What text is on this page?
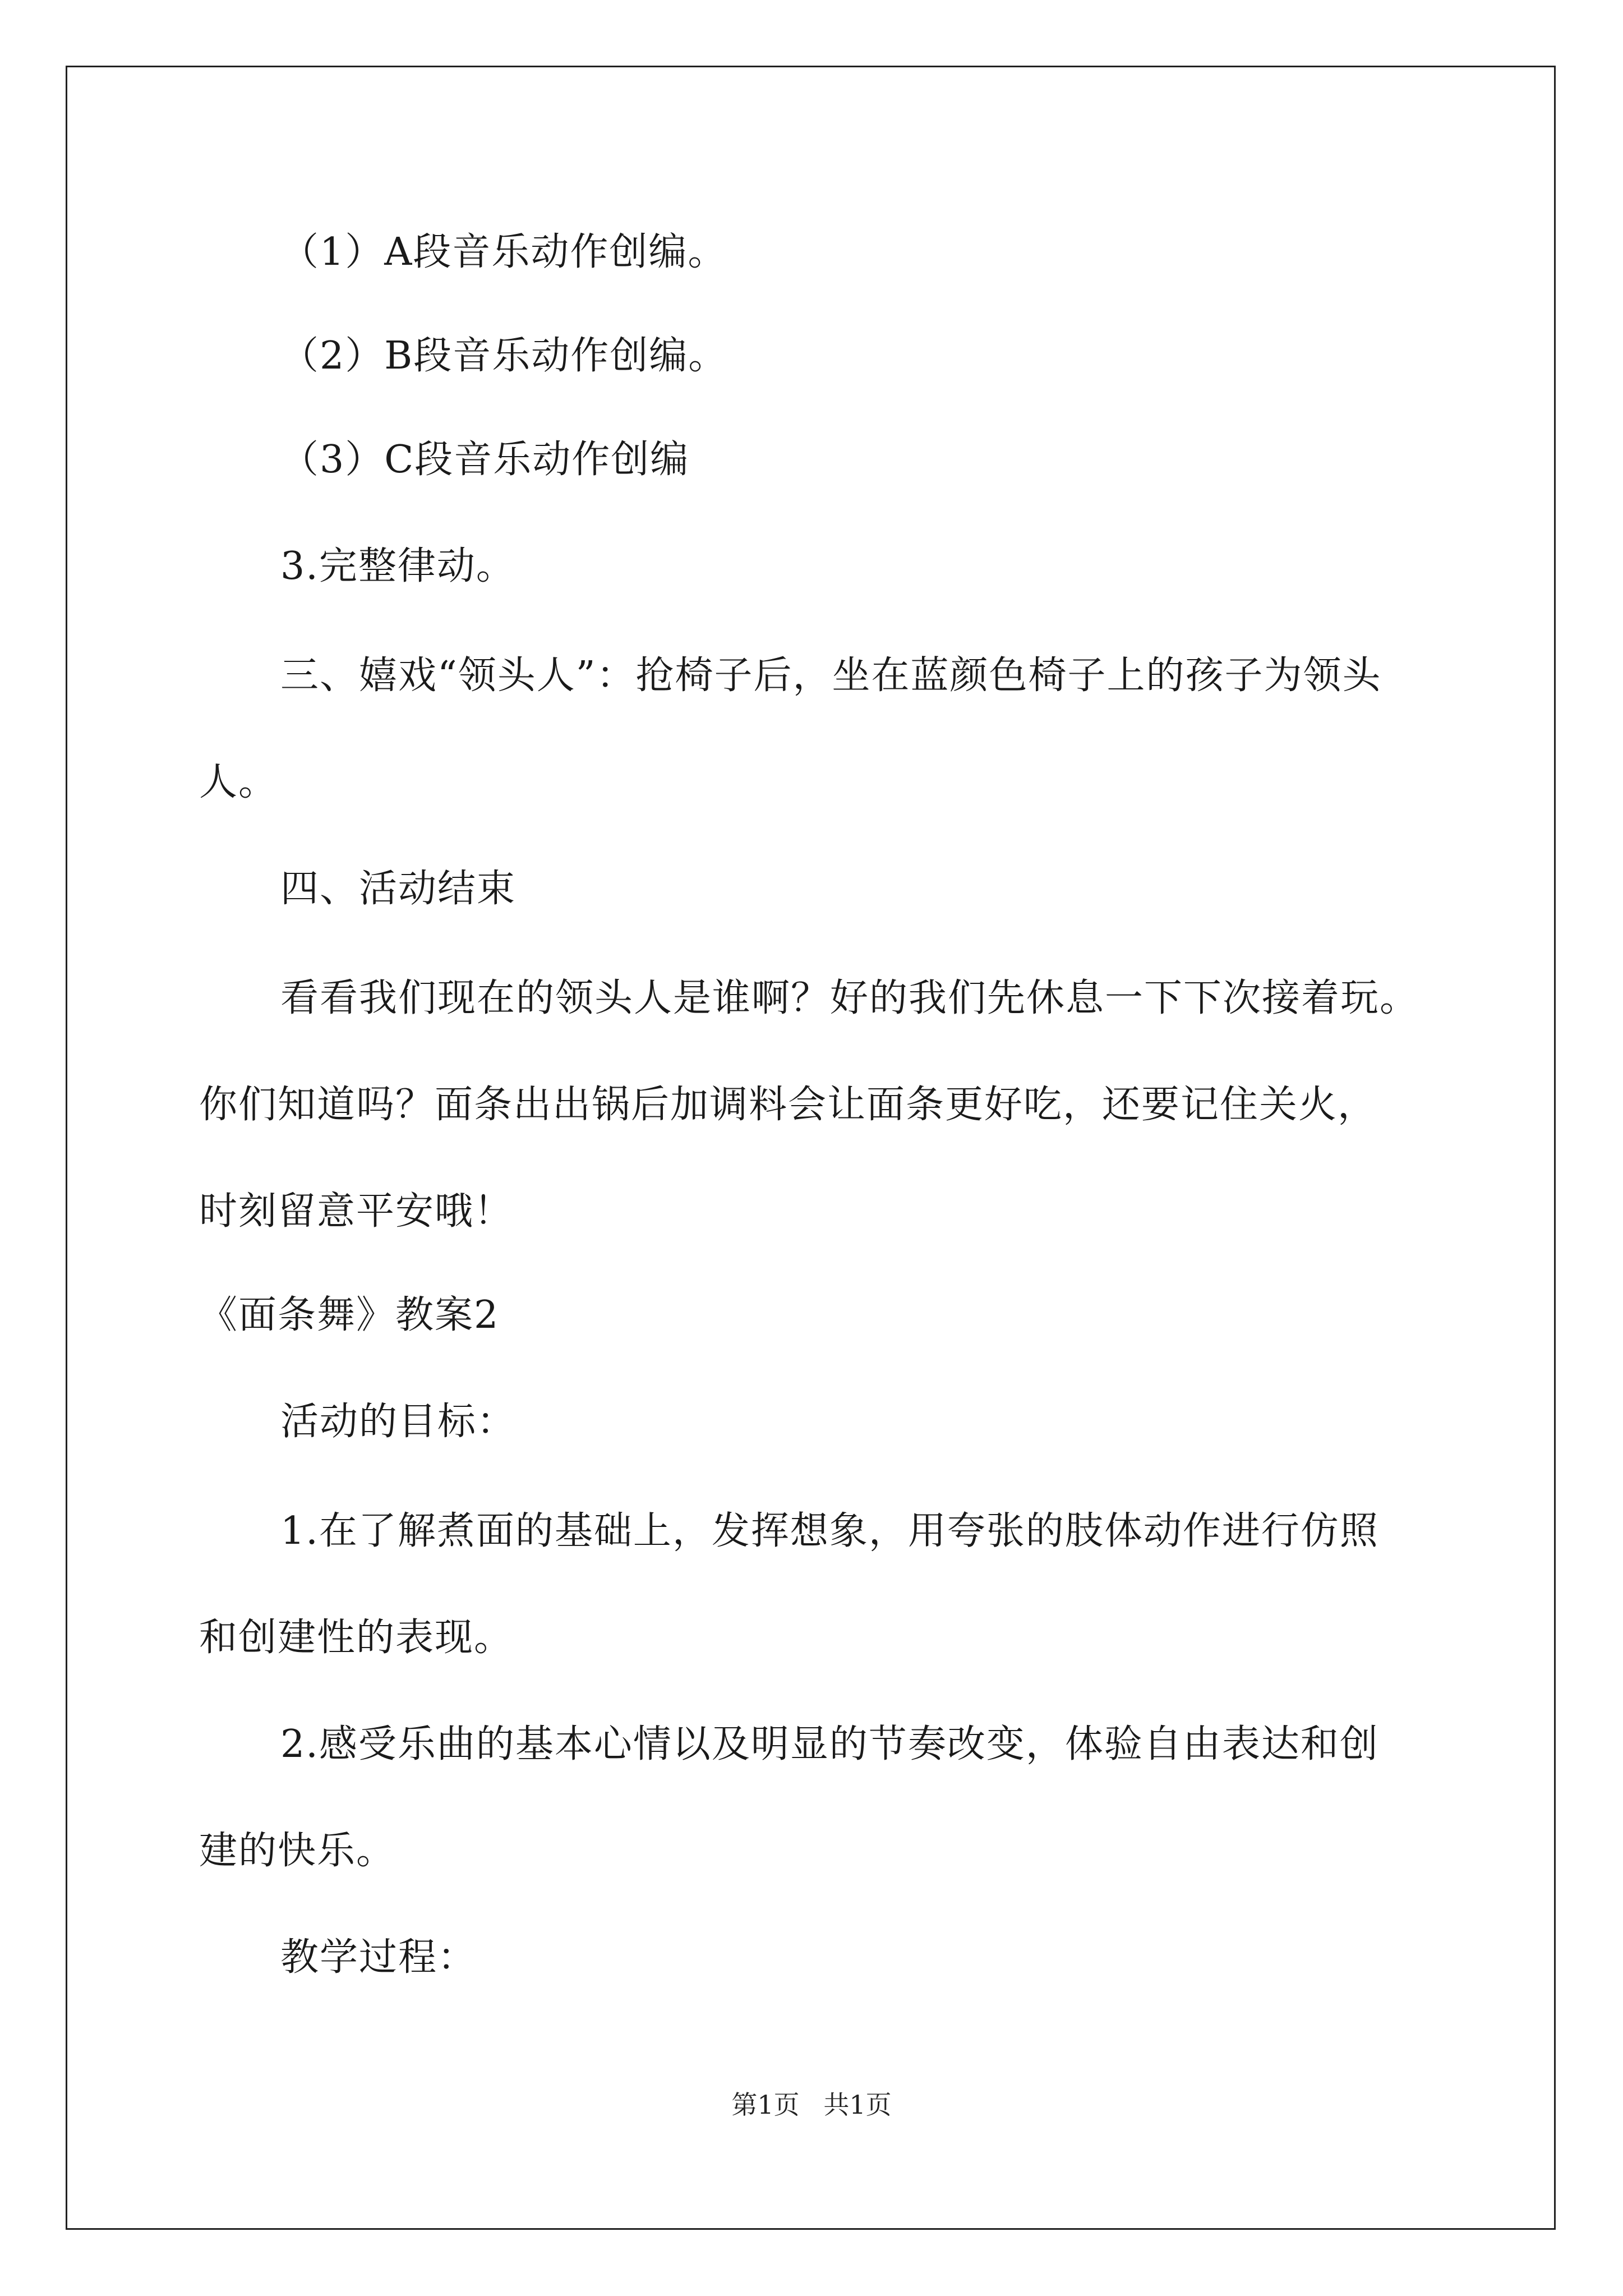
（1）A段音乐动作创编。
（2）B段音乐动作创编。
（3）C段音乐动作创编
3.完整律动。
三、嬉戏“领头人”：抢椅子后，坐在蓝颜色椅子上的孩子为领头
人。
四、活动结束
看看我们现在的领头人是谁啊？好的我们先休息一下下次接着玩。
你们知道吗？面条出出锅后加调料会让面条更好吃，还要记住关火，
时刻留意平安哦！
《面条舞》教案2
活动的目标：
1.在了解煮面的基础上，发挥想象，用夸张的肢体动作进行仿照
和创建性的表现。
2.感受乐曲的基本心情以及明显的节奏改变，体验自由表达和创
建的快乐。
教学过程：
第1页 共1页
